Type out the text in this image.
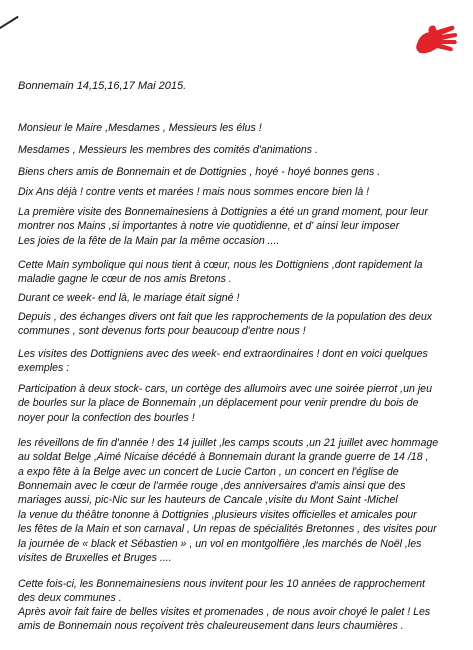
Bonnemain 14,15,16,17 Mai 2015.
Monsieur le Maire ,Mesdames , Messieurs les élus !
Mesdames , Messieurs les membres des comités d'animations .
Biens chers amis de Bonnemain et de Dottignies , hoyé - hoyé bonnes gens .
Dix Ans déjà ! contre vents et marées ! mais nous sommes encore bien là !
La première visite des Bonnemainesiens à Dottignies a été un grand moment, pour leur
montrer nos Mains ,si importantes à notre vie quotidienne, et d' ainsi leur imposer
Les joies de la fête de la Main par la même occasion ....
Cette Main symbolique qui nous tient à cœur, nous les Dottigniens ,dont rapidement la
maladie gagne le cœur de nos amis Bretons .
Durant ce week- end là, le mariage était signé !
Depuis , des échanges divers ont fait que les rapprochements de la population des deux
communes , sont devenus forts pour beaucoup d'entre nous !
Les visites des Dottigniens avec des week- end extraordinaires ! dont en voici quelques
exemples :
Participation à deux stock- cars, un cortège des allumoirs avec une soirée pierrot ,un jeu
de bourles sur la place de Bonnemain ,un déplacement pour venir prendre du bois de
noyer pour la confection des bourles !
les réveillons de fin d'année ! des 14 juillet ,les camps scouts ,un 21 juillet avec hommage
au soldat Belge ,Aimé Nicaise décédé à Bonnemain durant la grande guerre de 14 /18 ,
a expo fête à la Belge avec un concert de Lucie Carton , un concert en l'église de
Bonnemain avec le cœur de l'armée rouge ,des anniversaires d'amis ainsi que des
mariages aussi, pic-Nic sur les hauteurs de Cancale ,visite du Mont Saint -Michel
la venue du théâtre tononne à Dottignies ,plusieurs visites officielles et amicales pour
les fêtes de la Main et son carnaval , Un repas de spécialités Bretonnes , des visites pour
la journée de « black et Sébastien » , un vol en montgolfière ,les marchés de Noël ,les
visites de Bruxelles et Bruges ....
Cette fois-ci, les Bonnemainesiens nous invitent pour les 10 années de rapprochement
des deux communes .
Après avoir fait faire de belles visites et promenades , de nous avoir choyé le palet ! Les
amis de Bonnemain nous reçoivent très chaleureusement dans leurs chaumières .
